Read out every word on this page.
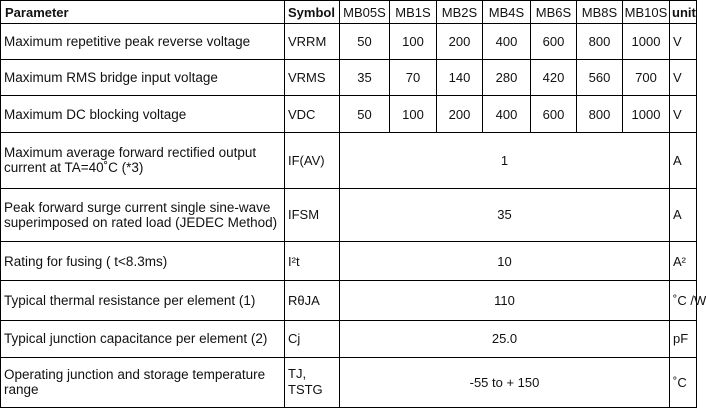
Parameter	Symbol	MB05S	MB1S	MB2S	MB4S	MB6S	MB8S	MB10S	unit
Maximum repetitive peak reverse voltage	VRRM	50	100	200	400	600	800	1000	V
Maximum RMS bridge input voltage	VRMS	35	70	140	280	420	560	700	V
Maximum DC blocking voltage	VDC	50	100	200	400	600	800	1000	V
Maximum average forward rectified output current at TA=40˚C (*3)	IF(AV)	1							A
Peak forward surge current single sine-wave superimposed on rated load (JEDEC Method)	IFSM	35							A
Rating for fusing ( t<8.3ms)	I²t	10							A²
Typical thermal resistance per element (1)	RθJA	110							˚C /W
Typical junction capacitance per element (2)	Cj	25.0							pF
Operating junction and storage temperature range	TJ, TSTG	-55 to + 150							˚C
